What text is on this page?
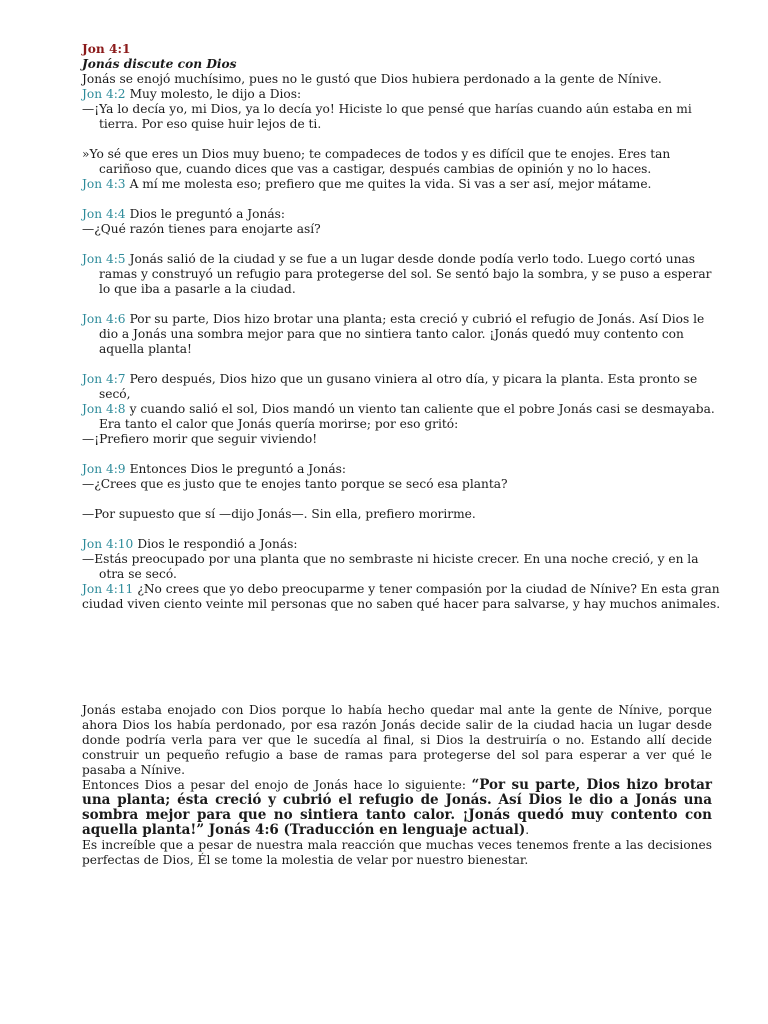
Jon 4:1

Jonás discute con Dios

Jonás se enojó muchísimo, pues no le gustó que Dios hubiera perdonado a la gente de Nínive.

Jon 4:2 Muy molesto, le dijo a Dios:

—¡Ya lo decía yo, mi Dios, ya lo decía yo! Hiciste lo que pensé que harías cuando aún estaba en mi tierra. Por eso quise huir lejos de ti.

»Yo sé que eres un Dios muy bueno; te compadeces de todos y es difícil que te enojes. Eres tan cariñoso que, cuando dices que vas a castigar, después cambias de opinión y no lo haces.

Jon 4:3 A mí me molesta eso; prefiero que me quites la vida. Si vas a ser así, mejor mátame.

Jon 4:4 Dios le preguntó a Jonás:

—¿Qué razón tienes para enojarte así?

Jon 4:5 Jonás salió de la ciudad y se fue a un lugar desde donde podía verlo todo. Luego cortó unas ramas y construyó un refugio para protegerse del sol. Se sentó bajo la sombra, y se puso a esperar lo que iba a pasarle a la ciudad.

Jon 4:6 Por su parte, Dios hizo brotar una planta; esta creció y cubrió el refugio de Jonás. Así Dios le dio a Jonás una sombra mejor para que no sintiera tanto calor. ¡Jonás quedó muy contento con aquella planta!

Jon 4:7 Pero después, Dios hizo que un gusano viniera al otro día, y picara la planta. Esta pronto se secó,

Jon 4:8 y cuando salió el sol, Dios mandó un viento tan caliente que el pobre Jonás casi se desmayaba. Era tanto el calor que Jonás quería morirse; por eso gritó:

—¡Prefiero morir que seguir viviendo!

Jon 4:9 Entonces Dios le preguntó a Jonás:

—¿Crees que es justo que te enojes tanto porque se secó esa planta?

—Por supuesto que sí —dijo Jonás—. Sin ella, prefiero morirme.

Jon 4:10 Dios le respondió a Jonás:

—Estás preocupado por una planta que no sembraste ni hiciste crecer. En una noche creció, y en la otra se secó.

Jon 4:11 ¿No crees que yo debo preocuparme y tener compasión por la ciudad de Nínive? En esta gran ciudad viven ciento veinte mil personas que no saben qué hacer para salvarse, y hay muchos animales.

Jonás estaba enojado con Dios porque lo había hecho quedar mal ante la gente de Nínive, porque ahora Dios los había perdonado, por esa razón Jonás decide salir de la ciudad hacia un lugar desde donde podría verla para ver que le sucedía al final, si Dios la destruiría o no. Estando allí decide construir un pequeño refugio a base de ramas para protegerse del sol para esperar a ver qué le pasaba a Nínive.

Entonces Dios a pesar del enojo de Jonás hace lo siguiente: “Por su parte, Dios hizo brotar una planta; ésta creció y cubrió el refugio de Jonás. Así Dios le dio a Jonás una sombra mejor para que no sintiera tanto calor. ¡Jonás quedó muy contento con aquella planta!” Jonás 4:6 (Traducción en lenguaje actual).

Es increíble que a pesar de nuestra mala reacción que muchas veces tenemos frente a las decisiones perfectas de Dios, Él se tome la molestia de velar por nuestro bienestar.
